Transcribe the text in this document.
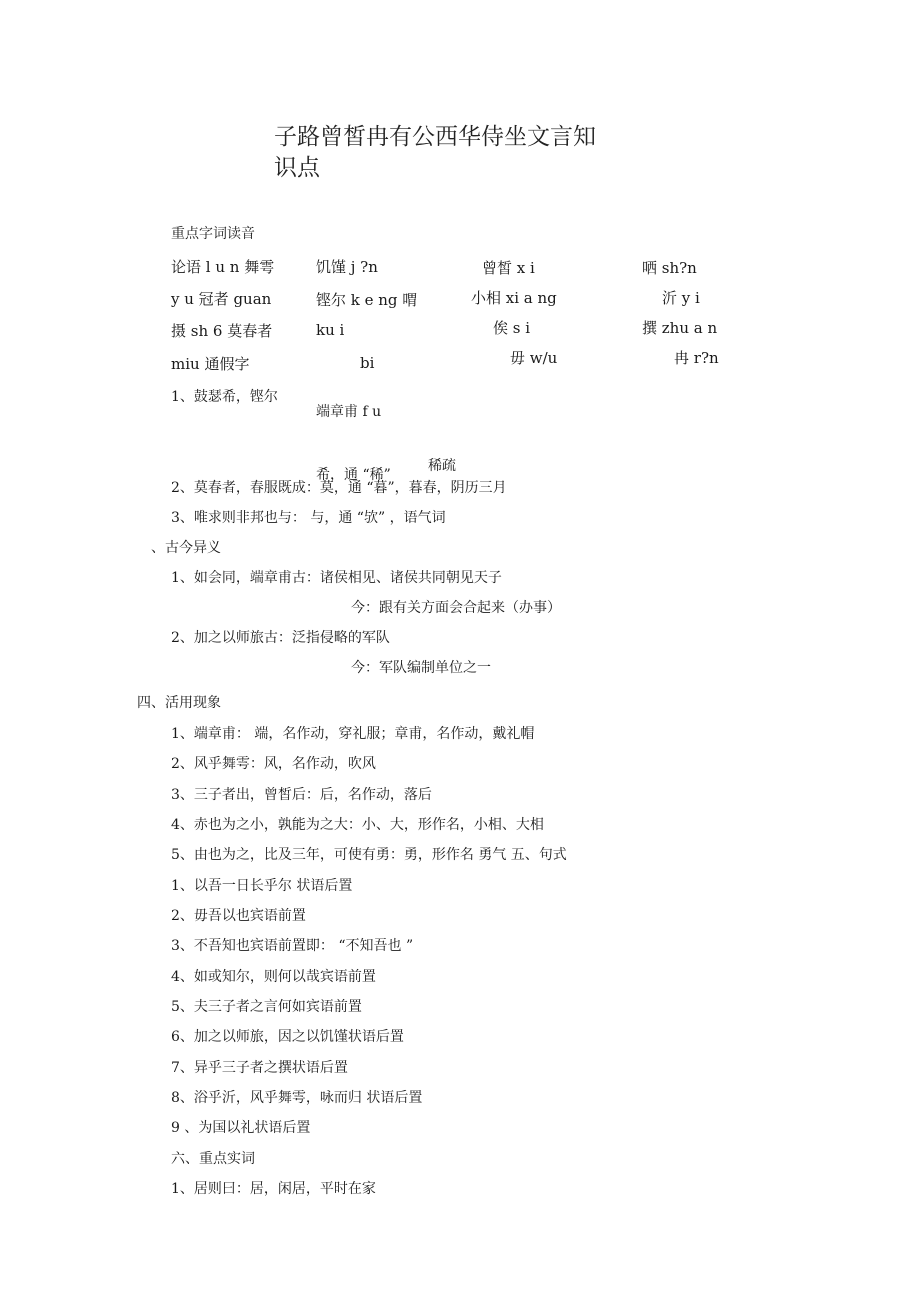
子路曾皙冉有公西华侍坐文言知
识点
重点字词读音
论语 l u n 舞雩	饥馑 j ?n	曾皙 x i	哂 sh?n
y u 冠者 guan	铿尔 k e ng 喟	小相 xi a ng	沂 y i
摄 sh 6 莫春者	ku i	俟 s i	撰 zhu a n
miu 通假字	bi	毋 w/u	冉 r?n
1、鼓瑟希，铿尔
端章甫 f u
稀疏
希，通 “稀”
2、莫春者，春服既成：莫，通 “暮”，暮春，阴历三月
3、唯求则非邦也与： 与，通 “欤” ，语气词
、古今异义
1、如会同，端章甫古：诸侯相见、诸侯共同朝见天子
今：跟有关方面会合起来（办事）
2、加之以师旅古：泛指侵略的军队
今：军队编制单位之一
四、活用现象
1、端章甫： 端，名作动，穿礼服；章甫，名作动，戴礼帽
2、风乎舞雩：风，名作动，吹风
3、三子者出，曾皙后：后，名作动，落后
4、赤也为之小，孰能为之大：小、大，形作名，小相、大相
5、由也为之，比及三年，可使有勇：勇，形作名 勇气 五、句式
1、以吾一日长乎尔 状语后置
2、毋吾以也宾语前置
3、不吾知也宾语前置即： “不知吾也 ”
4、如或知尔，则何以哉宾语前置
5、夫三子者之言何如宾语前置
6、加之以师旅，因之以饥馑状语后置
7、异乎三子者之撰状语后置
8、浴乎沂，风乎舞雩，咏而归 状语后置
9 、为国以礼状语后置
六、重点实词
1、居则曰：居，闲居，平时在家
